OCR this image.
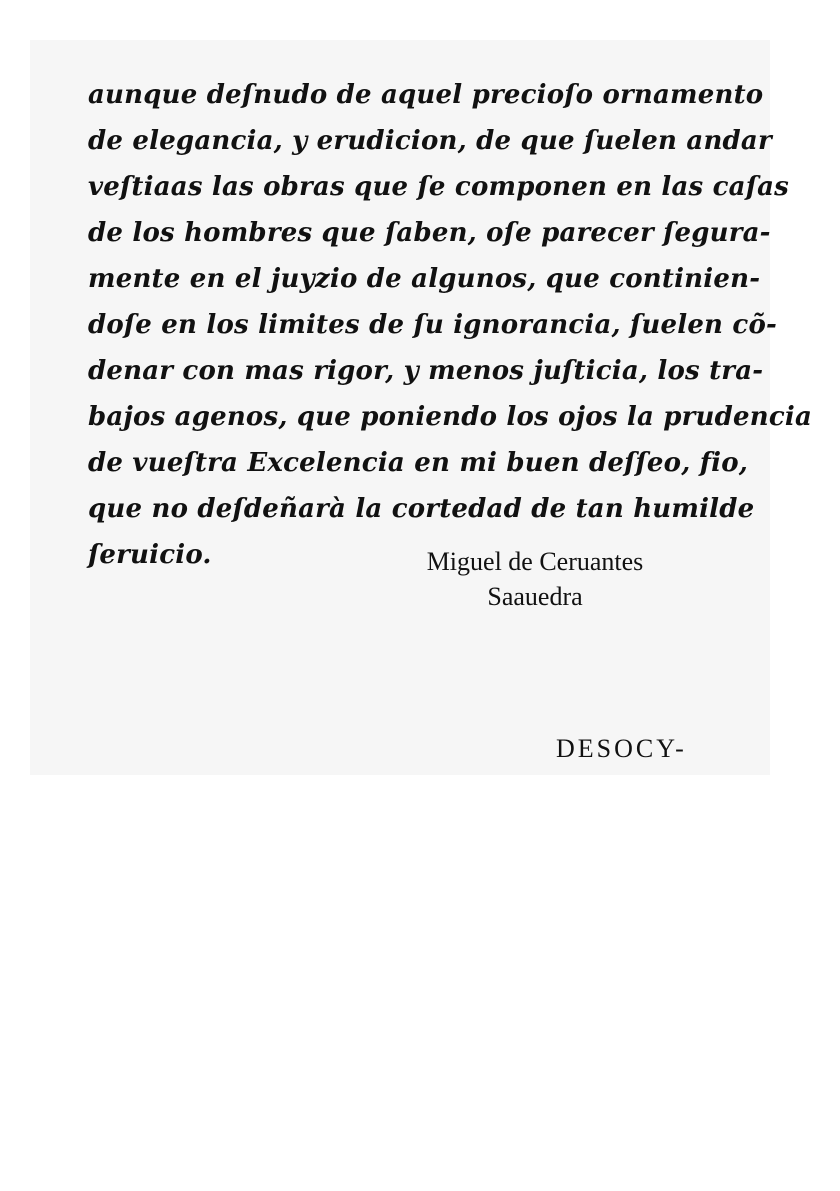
aunque deſnudo de aquel precioſo ornamento
de elegancia, y erudicion, de que ſuelen andar
veſtiaas las obras que ſe componen en las caſas
de los hombres que ſaben, oſe parecer ſegura-
mente en el juyzio de algunos, que continien-
doſe en los limites de ſu ignorancia, ſuelen cõ-
denar con mas rigor, y menos juſticia, los tra-
bajos agenos, que poniendo los ojos la prudencia
de vueſtra Excelencia en mi buen deſſeo, fio,
que no deſdeñarà la cortedad de tan humilde
ſeruicio.	Miguel de Ceruantes
Saauedra
DESOCY-
